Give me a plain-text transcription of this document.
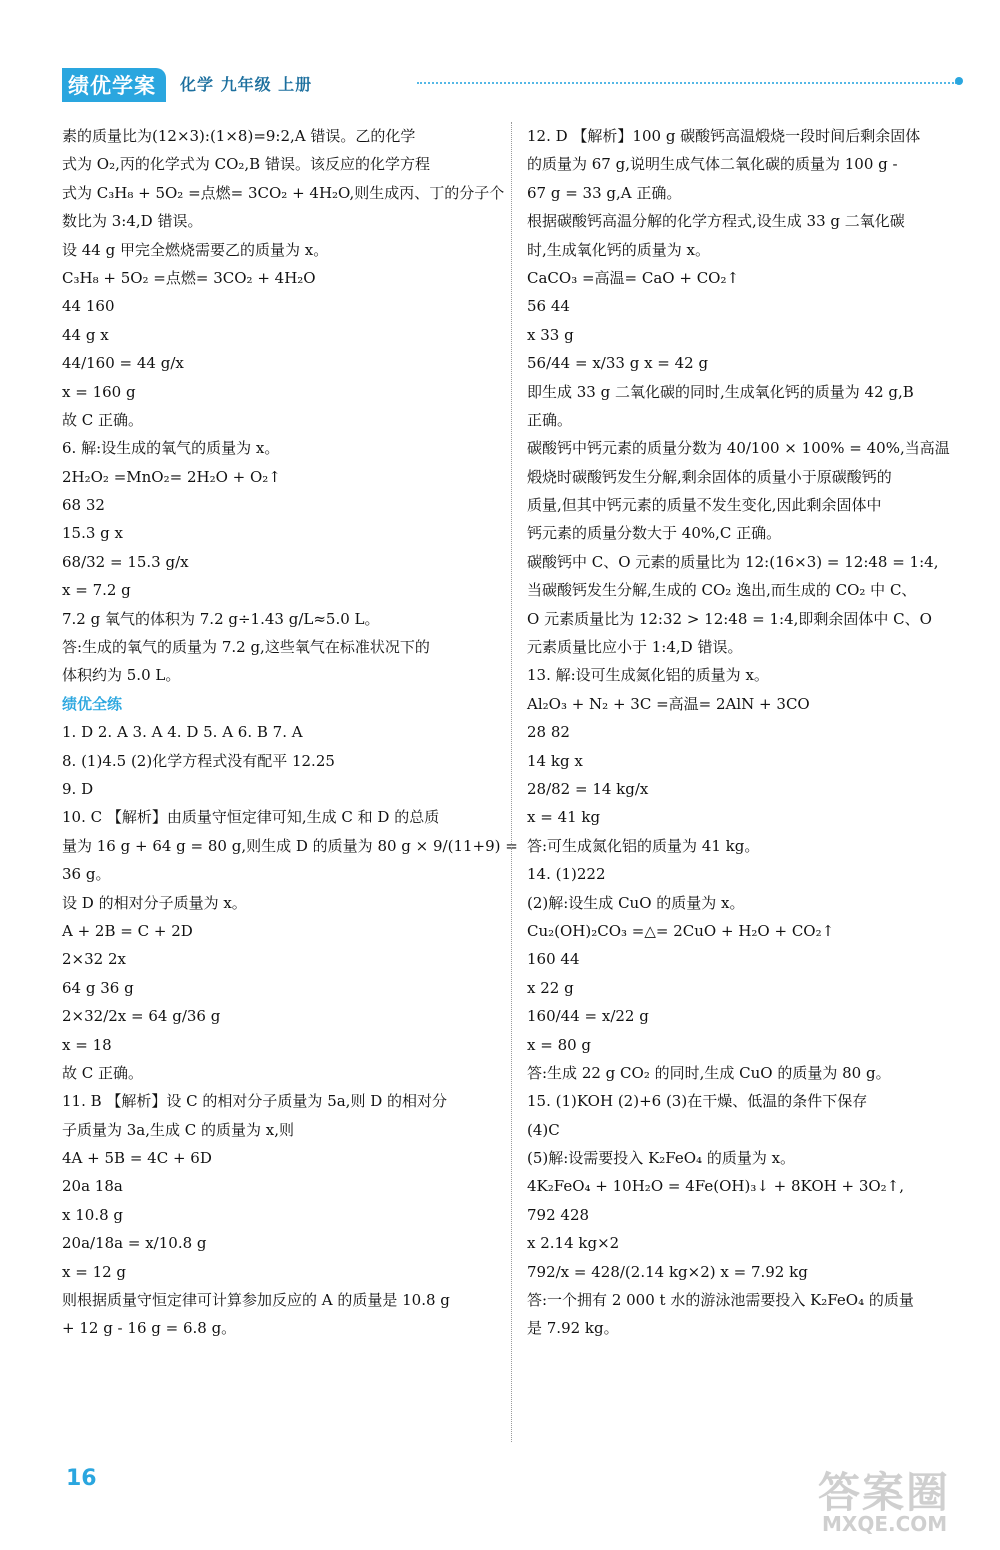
绩优学案	化学 九年级 上册
素的质量比为(12×3):(1×8)=9:2,A 错误。乙的化学
式为 O₂,丙的化学式为 CO₂,B 错误。该反应的化学方程
式为 C₃H₈ + 5O₂ =点燃= 3CO₂ + 4H₂O,则生成丙、丁的分子个
数比为 3:4,D 错误。
设 44 g 甲完全燃烧需要乙的质量为 x。
C₃H₈ + 5O₂ =点燃= 3CO₂ + 4H₂O
44 160
44 g x
44/160 = 44 g/x
x = 160 g
故 C 正确。
6. 解:设生成的氧气的质量为 x。
2H₂O₂ =MnO₂= 2H₂O + O₂↑
68 32
15.3 g x
68/32 = 15.3 g/x
x = 7.2 g
7.2 g 氧气的体积为 7.2 g÷1.43 g/L≈5.0 L。
答:生成的氧气的质量为 7.2 g,这些氧气在标准状况下的
体积约为 5.0 L。
绩优全练
1. D 2. A 3. A 4. D 5. A 6. B 7. A
8. (1)4.5 (2)化学方程式没有配平 12.25
9. D
10. C 【解析】由质量守恒定律可知,生成 C 和 D 的总质
量为 16 g + 64 g = 80 g,则生成 D 的质量为 80 g × 9/(11+9) =
36 g。
设 D 的相对分子质量为 x。
A + 2B = C + 2D
2×32 2x
64 g 36 g
2×32/2x = 64 g/36 g
x = 18
故 C 正确。
11. B 【解析】设 C 的相对分子质量为 5a,则 D 的相对分
子质量为 3a,生成 C 的质量为 x,则
4A + 5B = 4C + 6D
20a 18a
x 10.8 g
20a/18a = x/10.8 g
x = 12 g
则根据质量守恒定律可计算参加反应的 A 的质量是 10.8 g
+ 12 g - 16 g = 6.8 g。
12. D 【解析】100 g 碳酸钙高温煅烧一段时间后剩余固体
的质量为 67 g,说明生成气体二氧化碳的质量为 100 g -
67 g = 33 g,A 正确。
根据碳酸钙高温分解的化学方程式,设生成 33 g 二氧化碳
时,生成氧化钙的质量为 x。
CaCO₃ =高温= CaO + CO₂↑
56 44
x 33 g
56/44 = x/33 g x = 42 g
即生成 33 g 二氧化碳的同时,生成氧化钙的质量为 42 g,B
正确。
碳酸钙中钙元素的质量分数为 40/100 × 100% = 40%,当高温
煅烧时碳酸钙发生分解,剩余固体的质量小于原碳酸钙的
质量,但其中钙元素的质量不发生变化,因此剩余固体中
钙元素的质量分数大于 40%,C 正确。
碳酸钙中 C、O 元素的质量比为 12:(16×3) = 12:48 = 1:4,
当碳酸钙发生分解,生成的 CO₂ 逸出,而生成的 CO₂ 中 C、
O 元素质量比为 12:32 > 12:48 = 1:4,即剩余固体中 C、O
元素质量比应小于 1:4,D 错误。
13. 解:设可生成氮化铝的质量为 x。
Al₂O₃ + N₂ + 3C =高温= 2AlN + 3CO
28 82
14 kg x
28/82 = 14 kg/x
x = 41 kg
答:可生成氮化铝的质量为 41 kg。
14. (1)222
(2)解:设生成 CuO 的质量为 x。
Cu₂(OH)₂CO₃ =△= 2CuO + H₂O + CO₂↑
160 44
x 22 g
160/44 = x/22 g
x = 80 g
答:生成 22 g CO₂ 的同时,生成 CuO 的质量为 80 g。
15. (1)KOH (2)+6 (3)在干燥、低温的条件下保存
(4)C
(5)解:设需要投入 K₂FeO₄ 的质量为 x。
4K₂FeO₄ + 10H₂O = 4Fe(OH)₃↓ + 8KOH + 3O₂↑,
792 428
x 2.14 kg×2
792/x = 428/(2.14 kg×2) x = 7.92 kg
答:一个拥有 2 000 t 水的游泳池需要投入 K₂FeO₄ 的质量
是 7.92 kg。
16	答案圈
MXQE.COM
